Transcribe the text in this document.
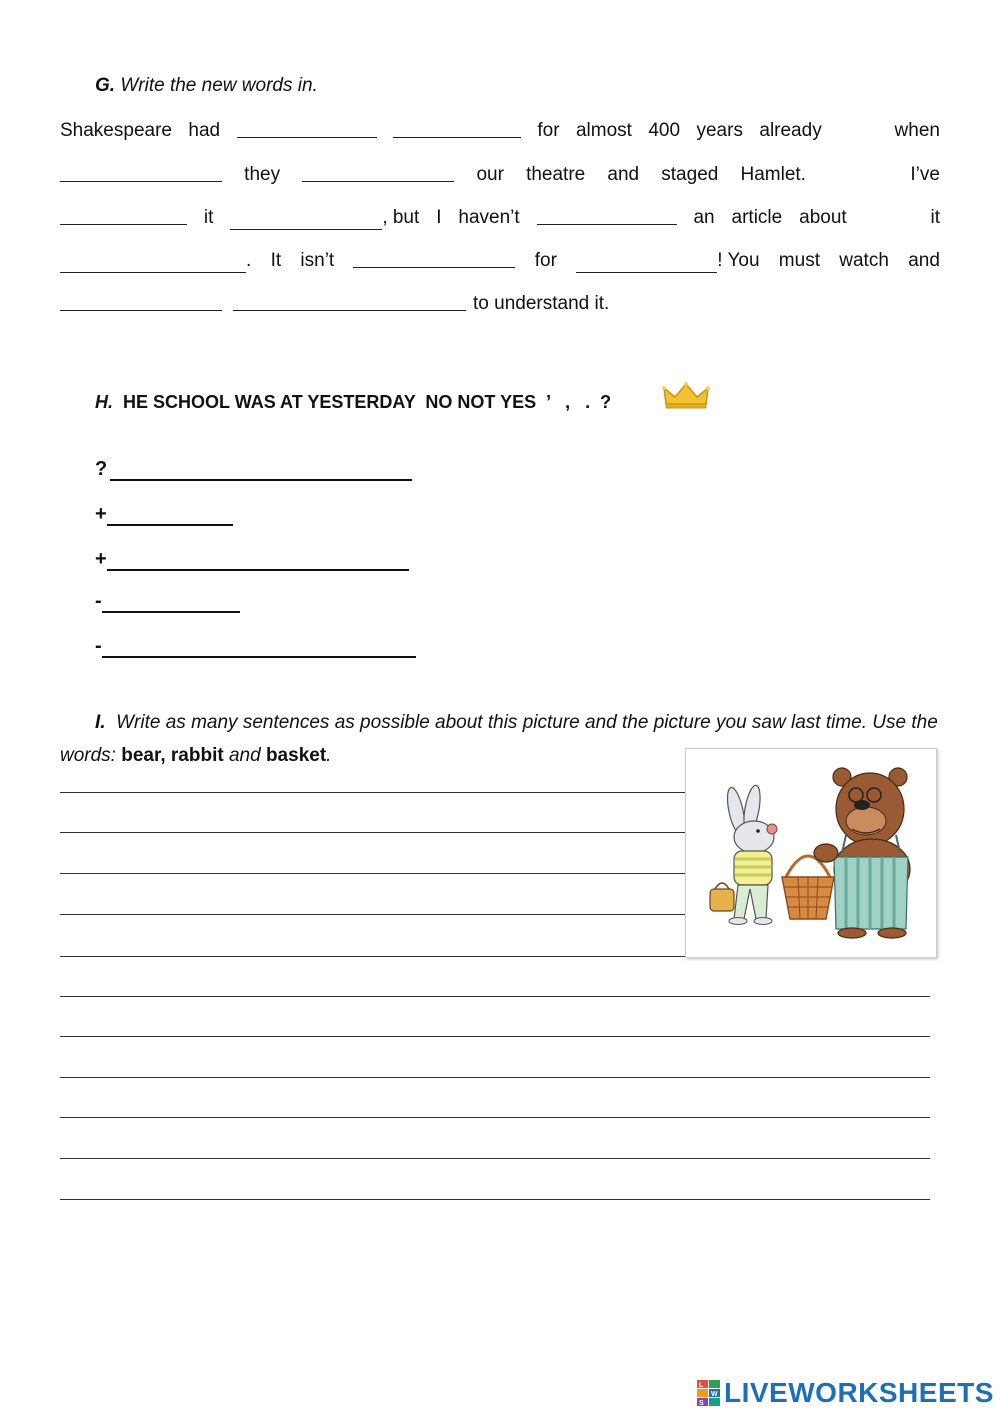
G. Write the new words in.
Shakespeare had	for almost 400 years already	when
they	our theatre and staged Hamlet.	I’ve
it	, but I haven’t	an article about	it
. It isn’t	for	! You must watch and
to understand it.
H. HE SCHOOL WAS AT YESTERDAY  NO NOT YES  ’   ,   .  ?
?
+
+
-
-
I. Write as many sentences as possible about this picture and the picture you saw last time. Use the words: bear, rabbit and basket.
L
W
S LIVEWORKSHEETS
